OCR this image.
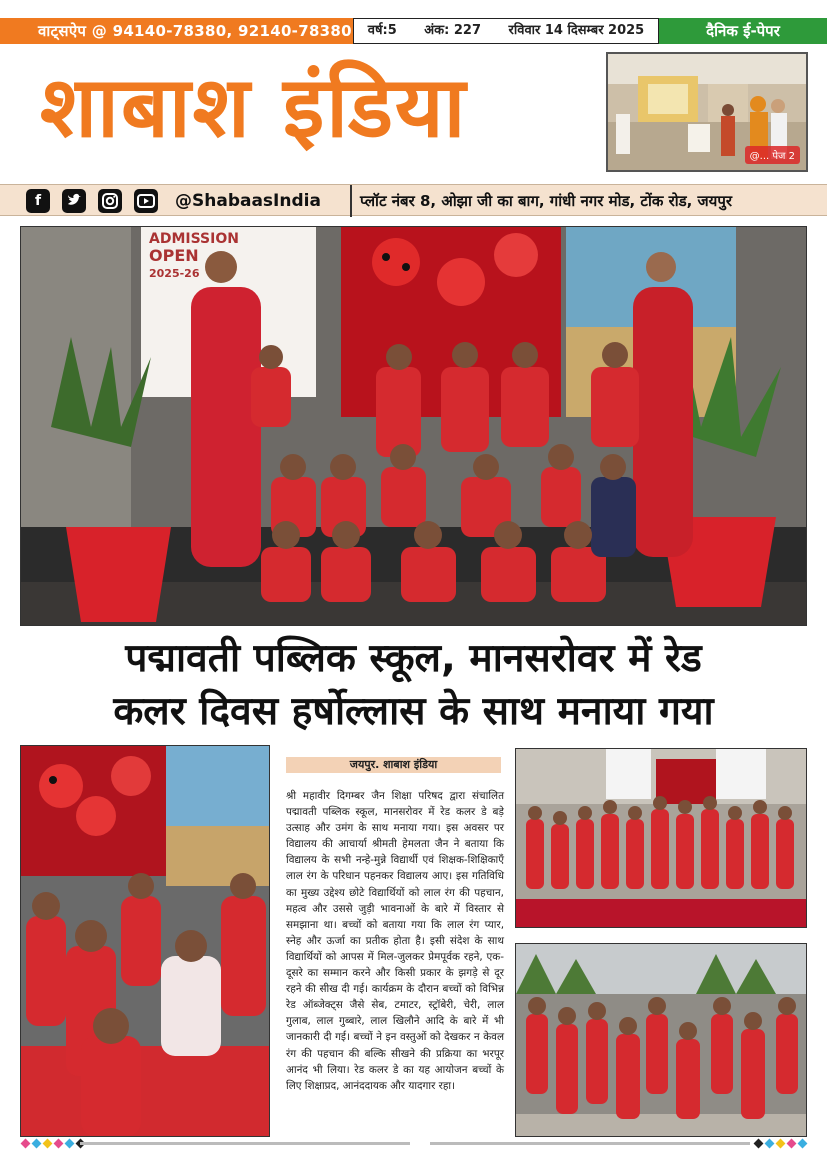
वाट्सऐप @ 94140-78380, 92140-78380 वर्ष:5 अंक: 227 रविवार 14 दिसम्बर 2025	दैनिक ई-पेपर
शाबाश इंडिया
@... पेज 2
f	@ShabaasIndia	प्लॉट नंबर 8, ओझा जी का बाग, गांधी नगर मोड, टोंक रोड, जयपुर
ADMISSION
OPEN
2025-26
पद्मावती पब्लिक स्कूल, मानसरोवर में रेड
कलर दिवस हर्षोल्लास के साथ मनाया गया
जयपुर. शाबाश इंडिया
श्री महावीर दिगम्बर जैन शिक्षा परिषद द्वारा संचालित पद्मावती पब्लिक स्कूल, मानसरोवर में रेड कलर डे बड़े उत्साह और उमंग के साथ मनाया गया। इस अवसर पर विद्यालय की आचार्या श्रीमती हेमलता जैन ने बताया कि विद्यालय के सभी नन्हे-मुन्ने विद्यार्थी एवं शिक्षक-शिक्षिकाएँ लाल रंग के परिधान पहनकर विद्यालय आए। इस गतिविधि का मुख्य उद्देश्य छोटे विद्यार्थियों को लाल रंग की पहचान, महत्व और उससे जुड़ी भावनाओं के बारे में विस्तार से समझाना था। बच्चों को बताया गया कि लाल रंग प्यार, स्नेह और ऊर्जा का प्रतीक होता है। इसी संदेश के साथ विद्यार्थियों को आपस में मिल-जुलकर प्रेमपूर्वक रहने, एक-दूसरे का सम्मान करने और किसी प्रकार के झगड़े से दूर रहने की सीख दी गई। कार्यक्रम के दौरान बच्चों को विभिन्न रेड ऑब्जेक्ट्स जैसे सेब, टमाटर, स्ट्रॉबेरी, चेरी, लाल गुलाब, लाल गुब्बारे, लाल खिलौने आदि के बारे में भी जानकारी दी गई। बच्चों ने इन वस्तुओं को देखकर न केवल रंग की पहचान की बल्कि सीखने की प्रक्रिया का भरपूर आनंद भी लिया। रेड कलर डे का यह आयोजन बच्चों के लिए शिक्षाप्रद, आनंददायक और यादगार रहा।
